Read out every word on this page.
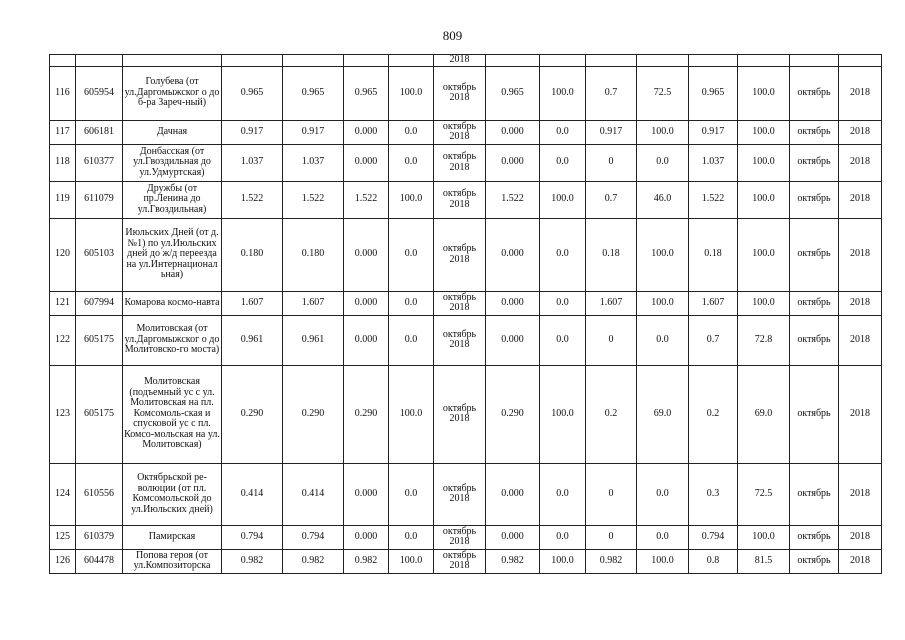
809
							2018								
116	605954	Голубева (от ул.Даргомыжског о до б-ра Зареч-ный)	0.965	0.965	0.965	100.0	октябрь 2018	0.965	100.0	0.7	72.5	0.965	100.0	октябрь	2018
117	606181	Дачная	0.917	0.917	0.000	0.0	октябрь 2018	0.000	0.0	0.917	100.0	0.917	100.0	октябрь	2018
118	610377	Донбасская (от ул.Гвоздильная до ул.Удмуртская)	1.037	1.037	0.000	0.0	октябрь 2018	0.000	0.0	0	0.0	1.037	100.0	октябрь	2018
119	611079	Дружбы (от пр.Ленина до ул.Гвоздильная)	1.522	1.522	1.522	100.0	октябрь 2018	1.522	100.0	0.7	46.0	1.522	100.0	октябрь	2018
120	605103	Июльских Дней (от д.№1) по ул.Июльских дней до ж/д переезда на ул.Интернационал ьная)	0.180	0.180	0.000	0.0	октябрь 2018	0.000	0.0	0.18	100.0	0.18	100.0	октябрь	2018
121	607994	Комарова космо-навта	1.607	1.607	0.000	0.0	октябрь 2018	0.000	0.0	1.607	100.0	1.607	100.0	октябрь	2018
122	605175	Молитовская (от ул.Даргомыжског о до Молитовско-го моста)	0.961	0.961	0.000	0.0	октябрь 2018	0.000	0.0	0	0.0	0.7	72.8	октябрь	2018
123	605175	Молитовская (подъемный ус с ул. Молитовская на пл. Комсомоль-ская и спусковой ус с пл. Комсо-мольская на ул. Молитовская)	0.290	0.290	0.290	100.0	октябрь 2018	0.290	100.0	0.2	69.0	0.2	69.0	октябрь	2018
124	610556	Октябрьской ре-волюции (от пл. Комсомольской до ул.Июльских дней)	0.414	0.414	0.000	0.0	октябрь 2018	0.000	0.0	0	0.0	0.3	72.5	октябрь	2018
125	610379	Памирская	0.794	0.794	0.000	0.0	октябрь 2018	0.000	0.0	0	0.0	0.794	100.0	октябрь	2018
126	604478	Попова героя (от ул.Композиторска	0.982	0.982	0.982	100.0	октябрь 2018	0.982	100.0	0.982	100.0	0.8	81.5	октябрь	2018
